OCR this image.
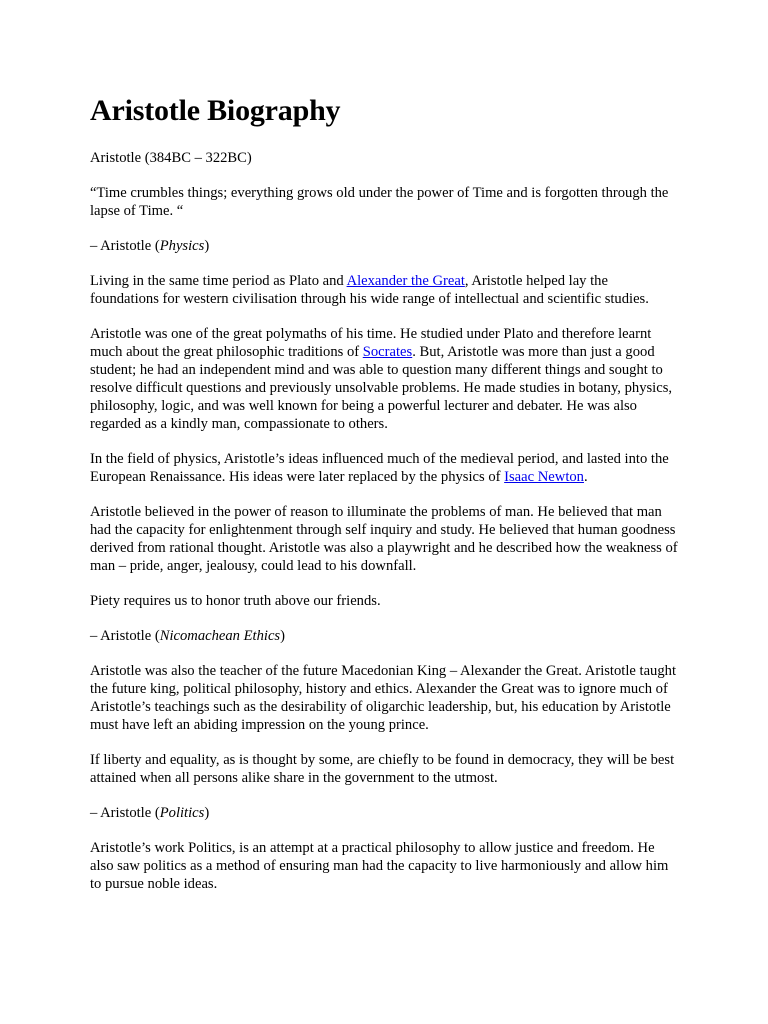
Aristotle Biography

Aristotle (384BC – 322BC)

“Time crumbles things; everything grows old under the power of Time and is forgotten through the lapse of Time. “

– Aristotle (Physics)

Living in the same time period as Plato and Alexander the Great, Aristotle helped lay the foundations for western civilisation through his wide range of intellectual and scientific studies.

Aristotle was one of the great polymaths of his time. He studied under Plato and therefore learnt much about the great philosophic traditions of Socrates. But, Aristotle was more than just a good student; he had an independent mind and was able to question many different things and sought to resolve difficult questions and previously unsolvable problems. He made studies in botany, physics, philosophy, logic, and was well known for being a powerful lecturer and debater. He was also regarded as a kindly man, compassionate to others.

In the field of physics, Aristotle’s ideas influenced much of the medieval period, and lasted into the European Renaissance. His ideas were later replaced by the physics of Isaac Newton.

Aristotle believed in the power of reason to illuminate the problems of man. He believed that man had the capacity for enlightenment through self inquiry and study. He believed that human goodness derived from rational thought. Aristotle was also a playwright and he described how the weakness of man – pride, anger, jealousy, could lead to his downfall.

Piety requires us to honor truth above our friends.

– Aristotle (Nicomachean Ethics)

Aristotle was also the teacher of the future Macedonian King – Alexander the Great. Aristotle taught the future king, political philosophy, history and ethics. Alexander the Great was to ignore much of Aristotle’s teachings such as the desirability of oligarchic leadership, but, his education by Aristotle must have left an abiding impression on the young prince.

If liberty and equality, as is thought by some, are chiefly to be found in democracy, they will be best attained when all persons alike share in the government to the utmost.

– Aristotle (Politics)

Aristotle’s work Politics, is an attempt at a practical philosophy to allow justice and freedom. He also saw politics as a method of ensuring man had the capacity to live harmoniously and allow him to pursue noble ideas.
